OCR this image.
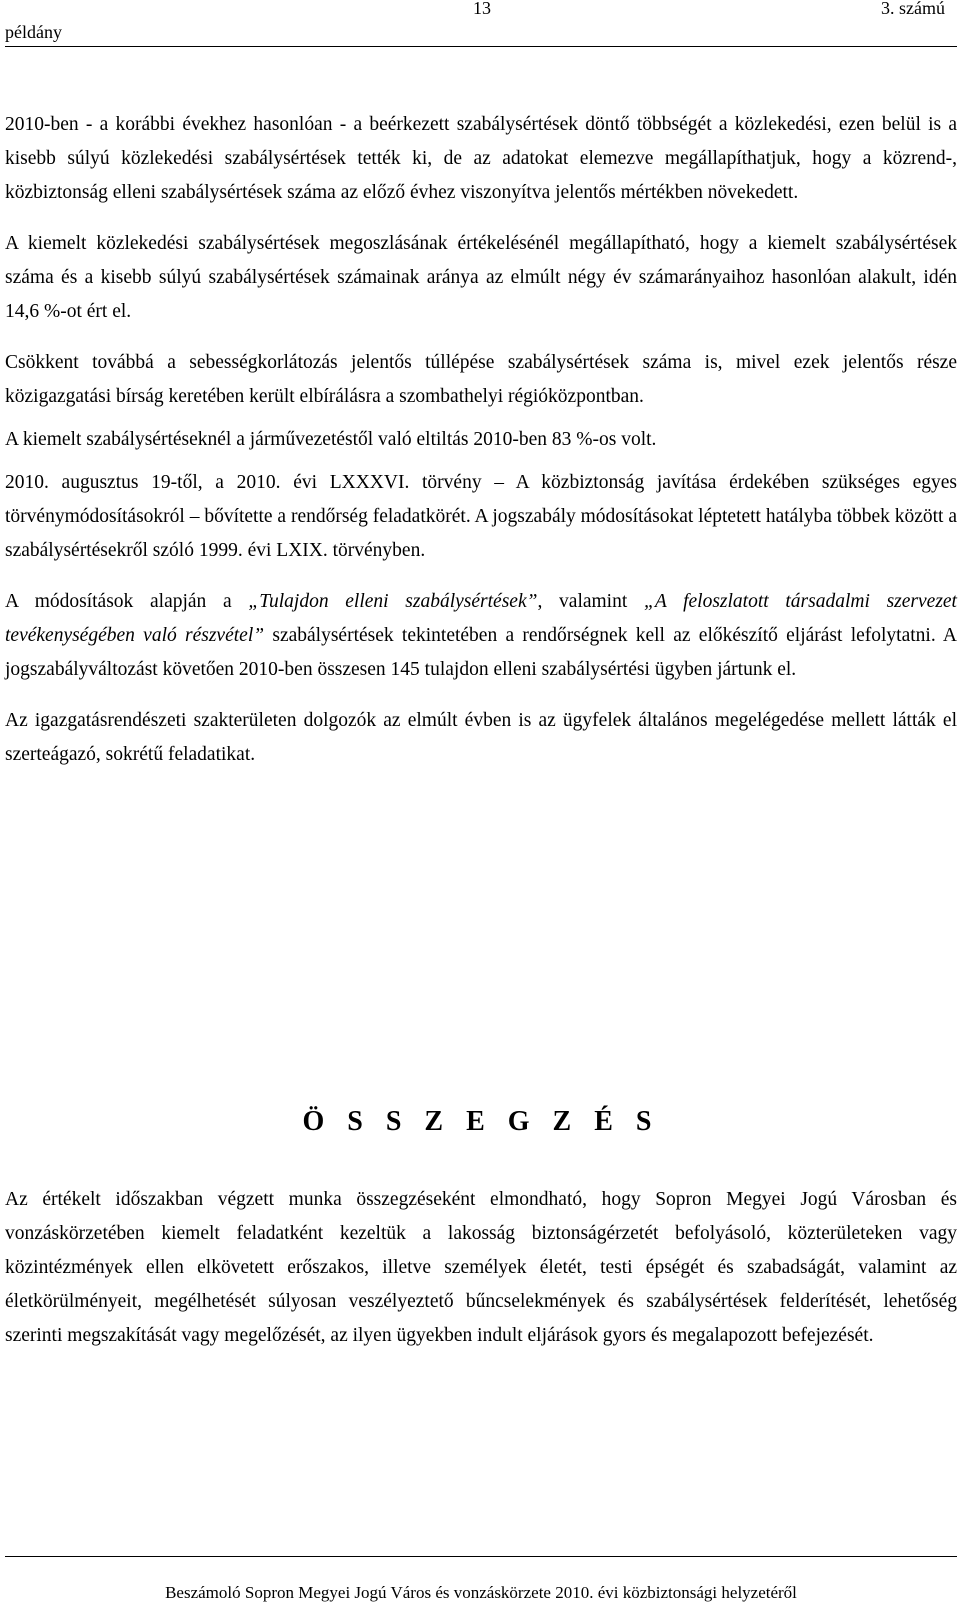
példány
13	3. számú

2010-ben - a korábbi évekhez hasonlóan - a beérkezett szabálysértések döntő többségét a közlekedési, ezen belül is a kisebb súlyú közlekedési szabálysértések tették ki, de az adatokat elemezve megállapíthatjuk, hogy a közrend-, közbiztonság elleni szabálysértések száma az előző évhez viszonyítva jelentős mértékben növekedett.

A kiemelt közlekedési szabálysértések megoszlásának értékelésénél megállapítható, hogy a kiemelt szabálysértések száma és a kisebb súlyú szabálysértések számainak aránya az elmúlt négy év számarányaihoz hasonlóan alakult, idén 14,6 %-ot ért el.

Csökkent továbbá a sebességkorlátozás jelentős túllépése szabálysértések száma is, mivel ezek jelentős része közigazgatási bírság keretében került elbírálásra a szombathelyi régióközpontban.

A kiemelt szabálysértéseknél a járművezetéstől való eltiltás 2010-ben 83 %-os volt.

2010. augusztus 19-től, a 2010. évi LXXXVI. törvény – A közbiztonság javítása érdekében szükséges egyes törvénymódosításokról – bővítette a rendőrség feladatkörét. A jogszabály módosításokat léptetett hatályba többek között a szabálysértésekről szóló 1999. évi LXIX. törvényben.

A módosítások alapján a „Tulajdon elleni szabálysértések”, valamint „A feloszlatott társadalmi szervezet tevékenységében való részvétel” szabálysértések tekintetében a rendőrségnek kell az előkészítő eljárást lefolytatni. A jogszabályváltozást követően 2010-ben összesen 145 tulajdon elleni szabálysértési ügyben jártunk el.

Az igazgatásrendészeti szakterületen dolgozók az elmúlt évben is az ügyfelek általános megelégedése mellett látták el szerteágazó, sokrétű feladatikat.

Ö S S Z E G Z É S

Az értékelt időszakban végzett munka összegzéseként elmondható, hogy Sopron Megyei Jogú Városban és vonzáskörzetében kiemelt feladatként kezeltük a lakosság biztonságérzetét befolyásoló, közterületeken vagy közintézmények ellen elkövetett erőszakos, illetve személyek életét, testi épségét és szabadságát, valamint az életkörülményeit, megélhetését súlyosan veszélyeztető bűncselekmények és szabálysértések felderítését, lehetőség szerinti megszakítását vagy megelőzését, az ilyen ügyekben indult eljárások gyors és megalapozott befejezését.

Beszámoló Sopron Megyei Jogú Város és vonzáskörzete 2010. évi közbiztonsági helyzetéről
